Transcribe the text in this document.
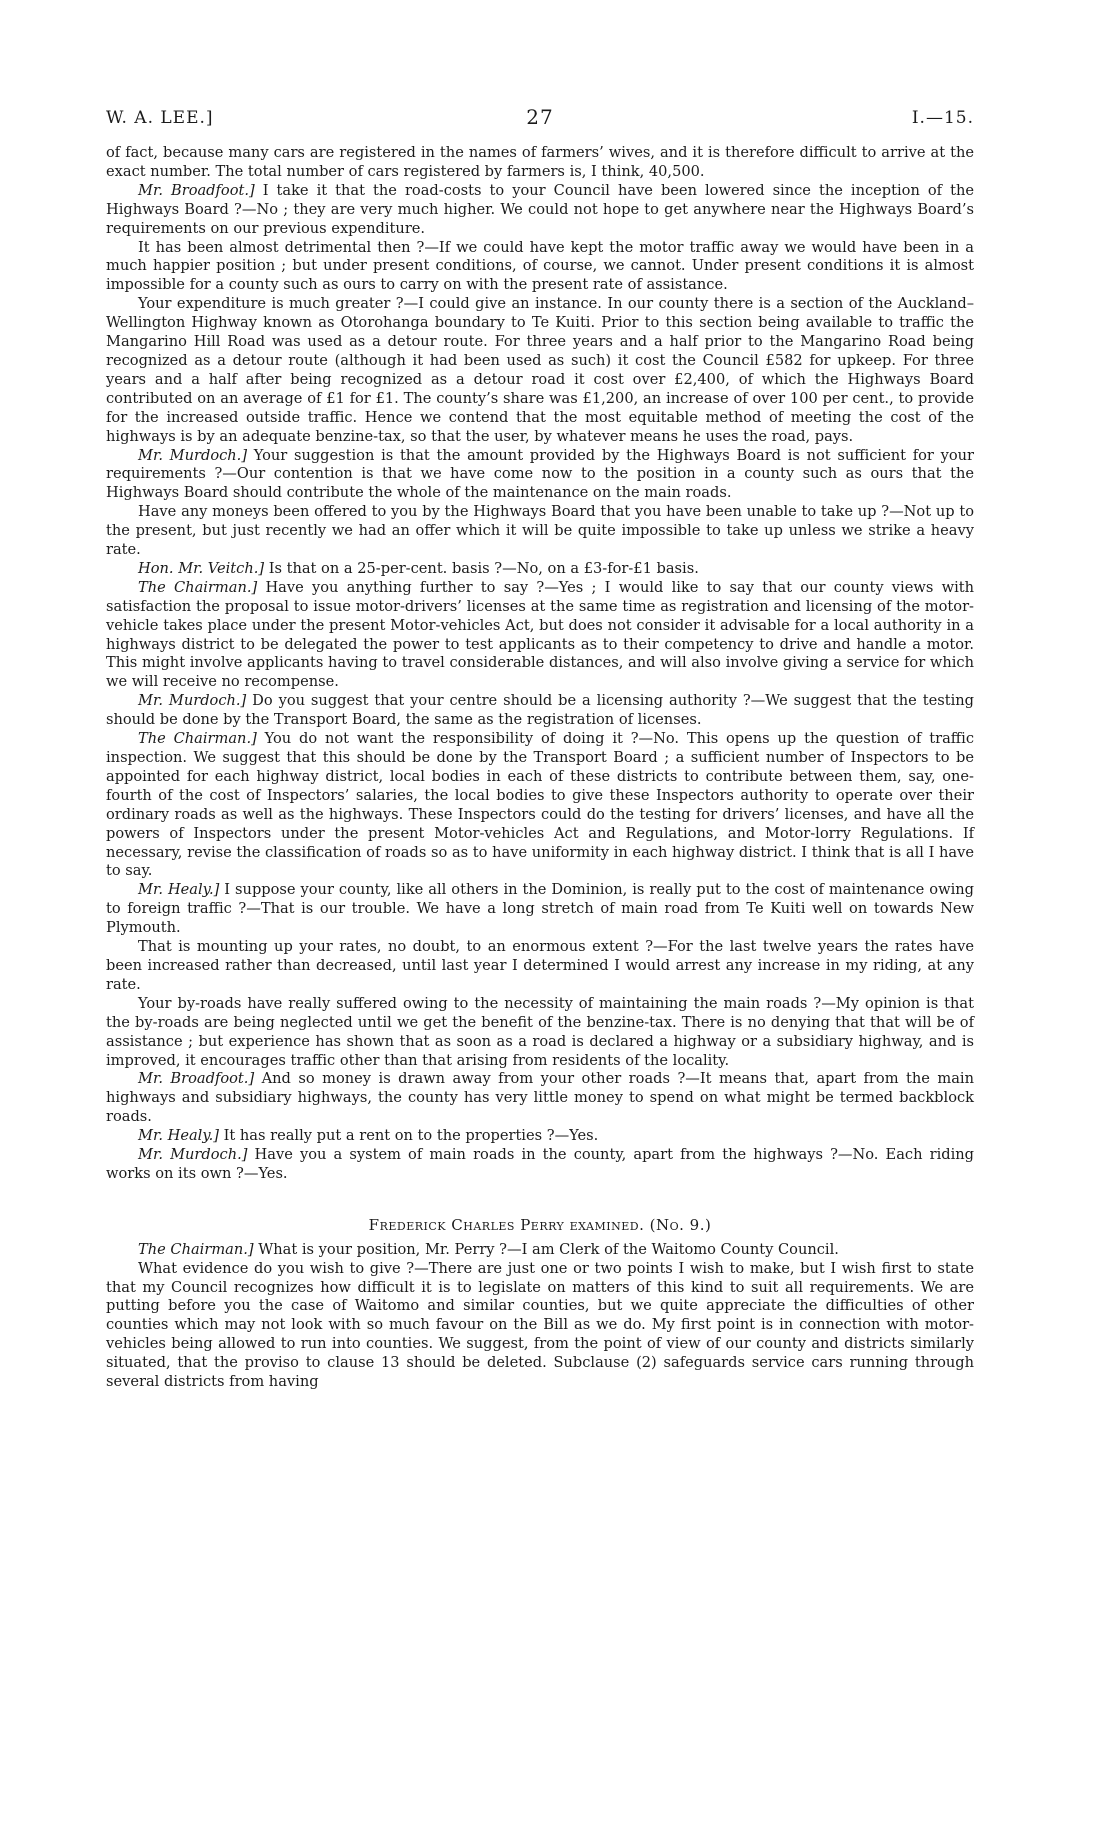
W. A. LEE.]	27	I.—15.

of fact, because many cars are registered in the names of farmers’ wives, and it is therefore difficult to arrive at the exact number. The total number of cars registered by farmers is, I think, 40,500.

Mr. Broadfoot.] I take it that the road-costs to your Council have been lowered since the inception of the Highways Board ?—No ; they are very much higher. We could not hope to get anywhere near the Highways Board’s requirements on our previous expenditure.

It has been almost detrimental then ?—If we could have kept the motor traffic away we would have been in a much happier position ; but under present conditions, of course, we cannot. Under present conditions it is almost impossible for a county such as ours to carry on with the present rate of assistance.

Your expenditure is much greater ?—I could give an instance. In our county there is a section of the Auckland–Wellington Highway known as Otorohanga boundary to Te Kuiti. Prior to this section being available to traffic the Mangarino Hill Road was used as a detour route. For three years and a half prior to the Mangarino Road being recognized as a detour route (although it had been used as such) it cost the Council £582 for upkeep. For three years and a half after being recognized as a detour road it cost over £2,400, of which the Highways Board contributed on an average of £1 for £1. The county’s share was £1,200, an increase of over 100 per cent., to provide for the increased outside traffic. Hence we contend that the most equitable method of meeting the cost of the highways is by an adequate benzine-tax, so that the user, by whatever means he uses the road, pays.

Mr. Murdoch.] Your suggestion is that the amount provided by the Highways Board is not sufficient for your requirements ?—Our contention is that we have come now to the position in a county such as ours that the Highways Board should contribute the whole of the maintenance on the main roads.

Have any moneys been offered to you by the Highways Board that you have been unable to take up ?—Not up to the present, but just recently we had an offer which it will be quite impossible to take up unless we strike a heavy rate.

Hon. Mr. Veitch.] Is that on a 25-per-cent. basis ?—No, on a £3-for-£1 basis.

The Chairman.] Have you anything further to say ?—Yes ; I would like to say that our county views with satisfaction the proposal to issue motor-drivers’ licenses at the same time as registration and licensing of the motor-vehicle takes place under the present Motor-vehicles Act, but does not consider it advisable for a local authority in a highways district to be delegated the power to test applicants as to their competency to drive and handle a motor. This might involve applicants having to travel considerable distances, and will also involve giving a service for which we will receive no recompense.

Mr. Murdoch.] Do you suggest that your centre should be a licensing authority ?—We suggest that the testing should be done by the Transport Board, the same as the registration of licenses.

The Chairman.] You do not want the responsibility of doing it ?—No. This opens up the question of traffic inspection. We suggest that this should be done by the Transport Board ; a sufficient number of Inspectors to be appointed for each highway district, local bodies in each of these districts to contribute between them, say, one-fourth of the cost of Inspectors’ salaries, the local bodies to give these Inspectors authority to operate over their ordinary roads as well as the highways. These Inspectors could do the testing for drivers’ licenses, and have all the powers of Inspectors under the present Motor-vehicles Act and Regulations, and Motor-lorry Regulations. If necessary, revise the classification of roads so as to have uniformity in each highway district. I think that is all I have to say.

Mr. Healy.] I suppose your county, like all others in the Dominion, is really put to the cost of maintenance owing to foreign traffic ?—That is our trouble. We have a long stretch of main road from Te Kuiti well on towards New Plymouth.

That is mounting up your rates, no doubt, to an enormous extent ?—For the last twelve years the rates have been increased rather than decreased, until last year I determined I would arrest any increase in my riding, at any rate.

Your by-roads have really suffered owing to the necessity of maintaining the main roads ?—My opinion is that the by-roads are being neglected until we get the benefit of the benzine-tax. There is no denying that that will be of assistance ; but experience has shown that as soon as a road is declared a highway or a subsidiary highway, and is improved, it encourages traffic other than that arising from residents of the locality.

Mr. Broadfoot.] And so money is drawn away from your other roads ?—It means that, apart from the main highways and subsidiary highways, the county has very little money to spend on what might be termed backblock roads.

Mr. Healy.] It has really put a rent on to the properties ?—Yes.

Mr. Murdoch.] Have you a system of main roads in the county, apart from the highways ?—No. Each riding works on its own ?—Yes.

Frederick Charles Perry examined. (No. 9.)

The Chairman.] What is your position, Mr. Perry ?—I am Clerk of the Waitomo County Council.

What evidence do you wish to give ?—There are just one or two points I wish to make, but I wish first to state that my Council recognizes how difficult it is to legislate on matters of this kind to suit all requirements. We are putting before you the case of Waitomo and similar counties, but we quite appreciate the difficulties of other counties which may not look with so much favour on the Bill as we do. My first point is in connection with motor-vehicles being allowed to run into counties. We suggest, from the point of view of our county and districts similarly situated, that the proviso to clause 13 should be deleted. Subclause (2) safeguards service cars running through several districts from having
